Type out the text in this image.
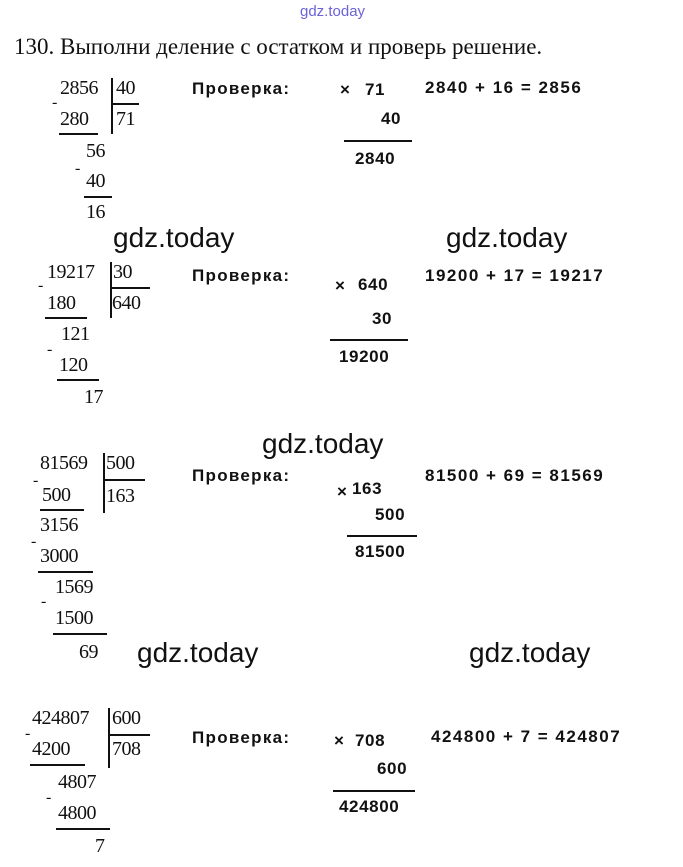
gdz.today
130. Выполни деление с остатком и проверь решение.
gdz.today	gdz.today
gdz.today
gdz.today	gdz.today
2856 40
71
-
280
56
-
40
16
Проверка:	× 71
40
2840
2840 + 16 = 2856
19217 30
640
-
180
121
-
120
17
Проверка:
× 640
30
19200
19200 + 17 = 19217
81569 500
163
-
500
3156
-
3000
1569
-
1500
69
Проверка:
× 163
500
81500
81500 + 69 = 81569
424807 600
708
-
4200
4807
-
4800
7
Проверка:	× 708
600
424800
424800 + 7 = 424807
